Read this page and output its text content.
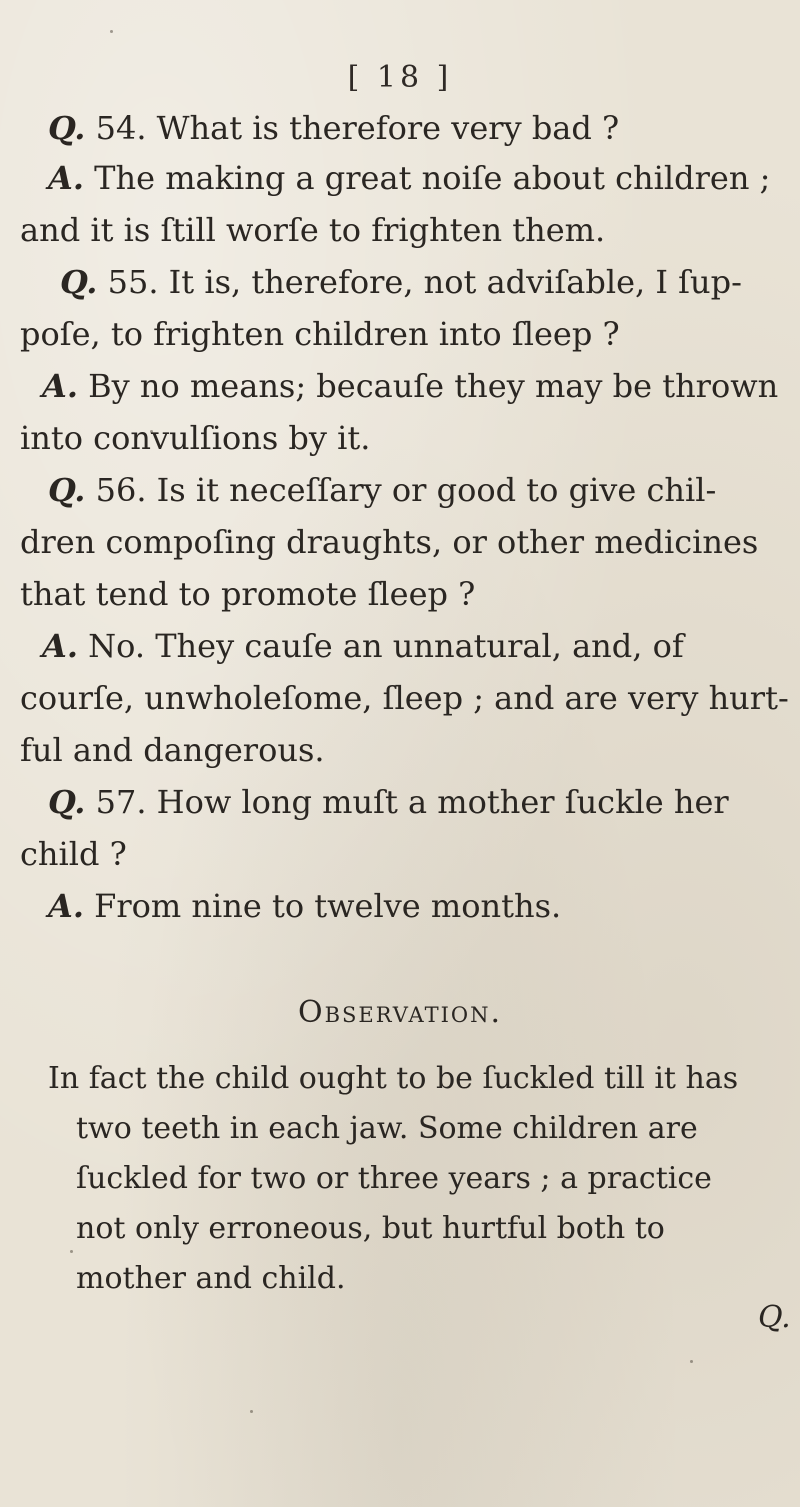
[ 18 ]
Q. 54. What is therefore very bad ?
A. The making a great noiſe about children ;
and it is ſtill worſe to frighten them.
Q. 55. It is, therefore, not adviſable, I ſup-
poſe, to frighten children into ſleep ?
A. By no means; becauſe they may be thrown
into convulſions by it.
Q. 56. Is it neceſſary or good to give chil-
dren compoſing draughts, or other medicines
that tend to promote ſleep ?
A. No. They cauſe an unnatural, and, of
courſe, unwholeſome, ſleep ; and are very hurt-
ful and dangerous.
Observation.
In fact the child ought to be ſuckled till it has
two teeth in each jaw. Some children are
ſuckled for two or three years ; a practice
not only erroneous, but hurtful both to
mother and child.
Q.
Q. 57. How long muſt a mother ſuckle her
child ?
A. From nine to twelve months.
